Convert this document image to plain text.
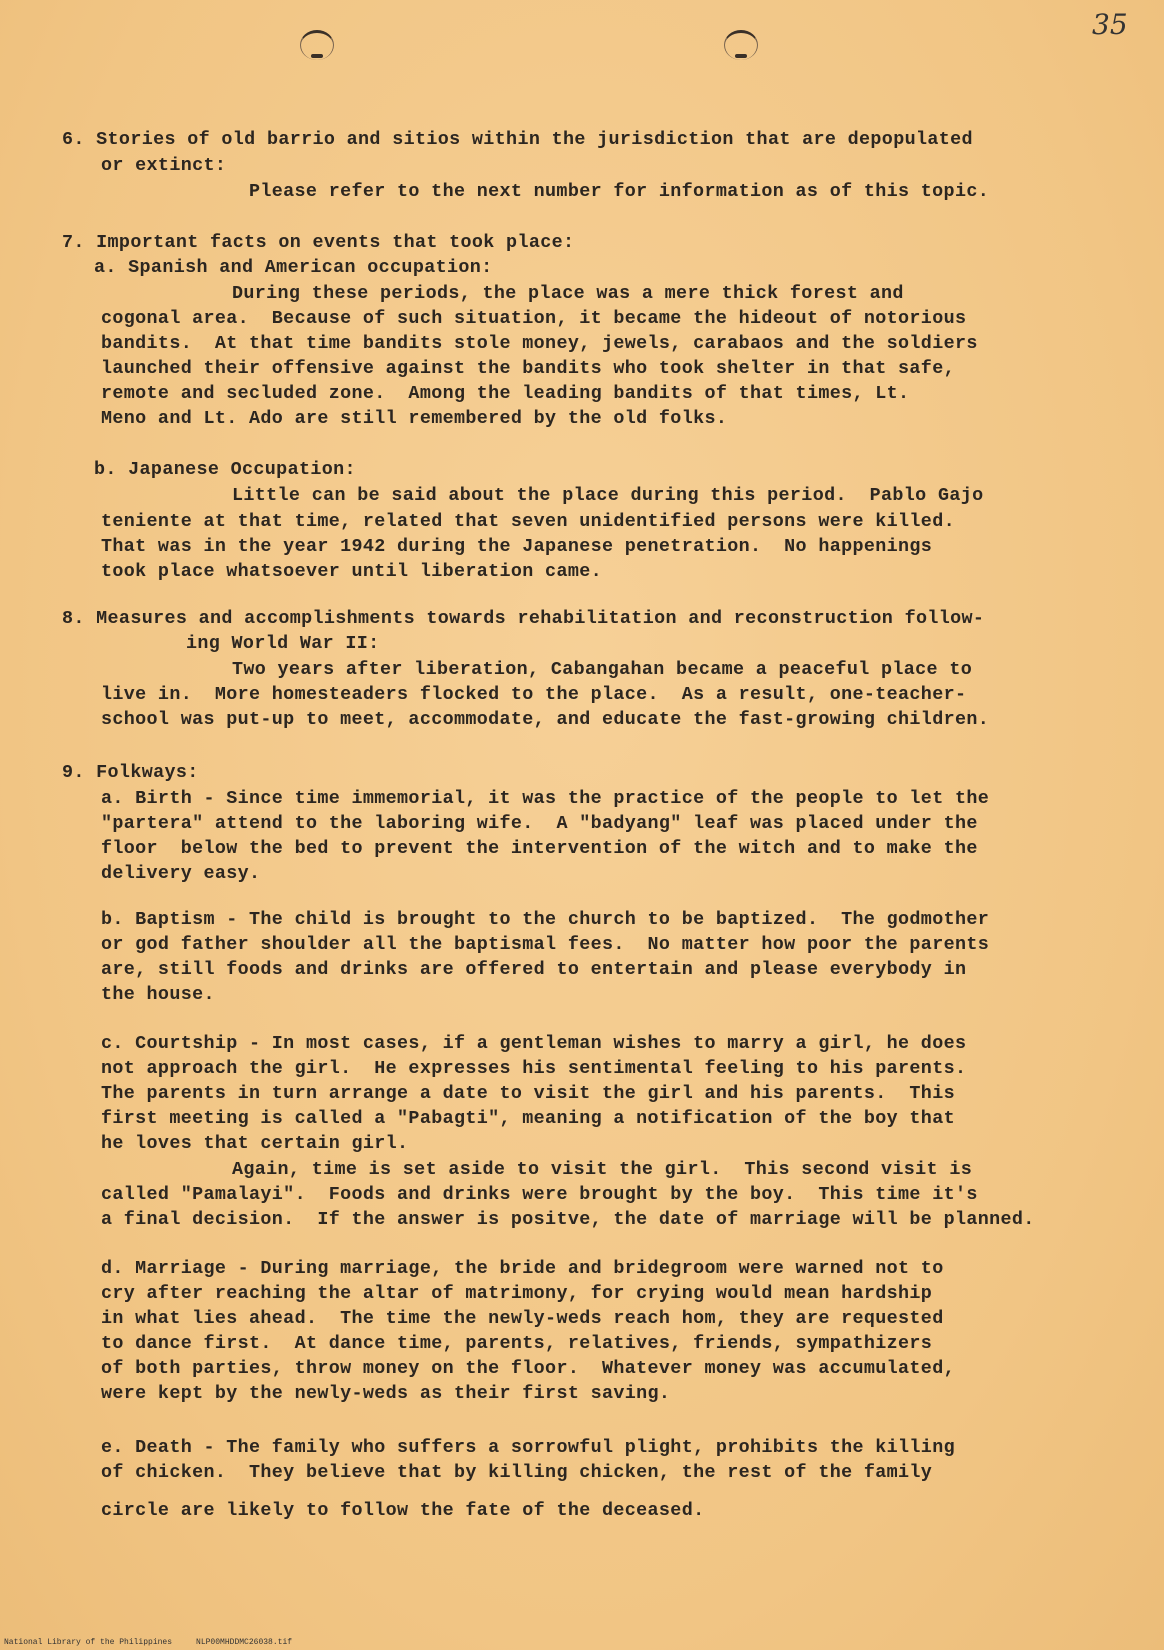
35
6. Stories of old barrio and sitios within the jurisdiction that are depopulated
or extinct:
Please refer to the next number for information as of this topic.
7. Important facts on events that took place:
a. Spanish and American occupation:
During these periods, the place was a mere thick forest and
cogonal area.  Because of such situation, it became the hideout of notorious
bandits.  At that time bandits stole money, jewels, carabaos and the soldiers
launched their offensive against the bandits who took shelter in that safe,
remote and secluded zone.  Among the leading bandits of that times, Lt.
Meno and Lt. Ado are still remembered by the old folks.
b. Japanese Occupation:
Little can be said about the place during this period.  Pablo Gajo
teniente at that time, related that seven unidentified persons were killed.
That was in the year 1942 during the Japanese penetration.  No happenings
took place whatsoever until liberation came.
8. Measures and accomplishments towards rehabilitation and reconstruction follow-
ing World War II:
Two years after liberation, Cabangahan became a peaceful place to
live in.  More homesteaders flocked to the place.  As a result, one-teacher-
school was put-up to meet, accommodate, and educate the fast-growing children.
9. Folkways:
a. Birth - Since time immemorial, it was the practice of the people to let the
"partera" attend to the laboring wife.  A "badyang" leaf was placed under the
floor  below the bed to prevent the intervention of the witch and to make the
delivery easy.
b. Baptism - The child is brought to the church to be baptized.  The godmother
or god father shoulder all the baptismal fees.  No matter how poor the parents
are, still foods and drinks are offered to entertain and please everybody in
the house.
c. Courtship - In most cases, if a gentleman wishes to marry a girl, he does
not approach the girl.  He expresses his sentimental feeling to his parents.
The parents in turn arrange a date to visit the girl and his parents.  This
first meeting is called a "Pabagti", meaning a notification of the boy that
he loves that certain girl.
Again, time is set aside to visit the girl.  This second visit is
called "Pamalayi".  Foods and drinks were brought by the boy.  This time it's
a final decision.  If the answer is positve, the date of marriage will be planned.
d. Marriage - During marriage, the bride and bridegroom were warned not to
cry after reaching the altar of matrimony, for crying would mean hardship
in what lies ahead.  The time the newly-weds reach hom, they are requested
to dance first.  At dance time, parents, relatives, friends, sympathizers
of both parties, throw money on the floor.  Whatever money was accumulated,
were kept by the newly-weds as their first saving.
e. Death - The family who suffers a sorrowful plight, prohibits the killing
of chicken.  They believe that by killing chicken, the rest of the family
circle are likely to follow the fate of the deceased.
National Library of the Philippines     NLP00MHDDMC26038.tif
